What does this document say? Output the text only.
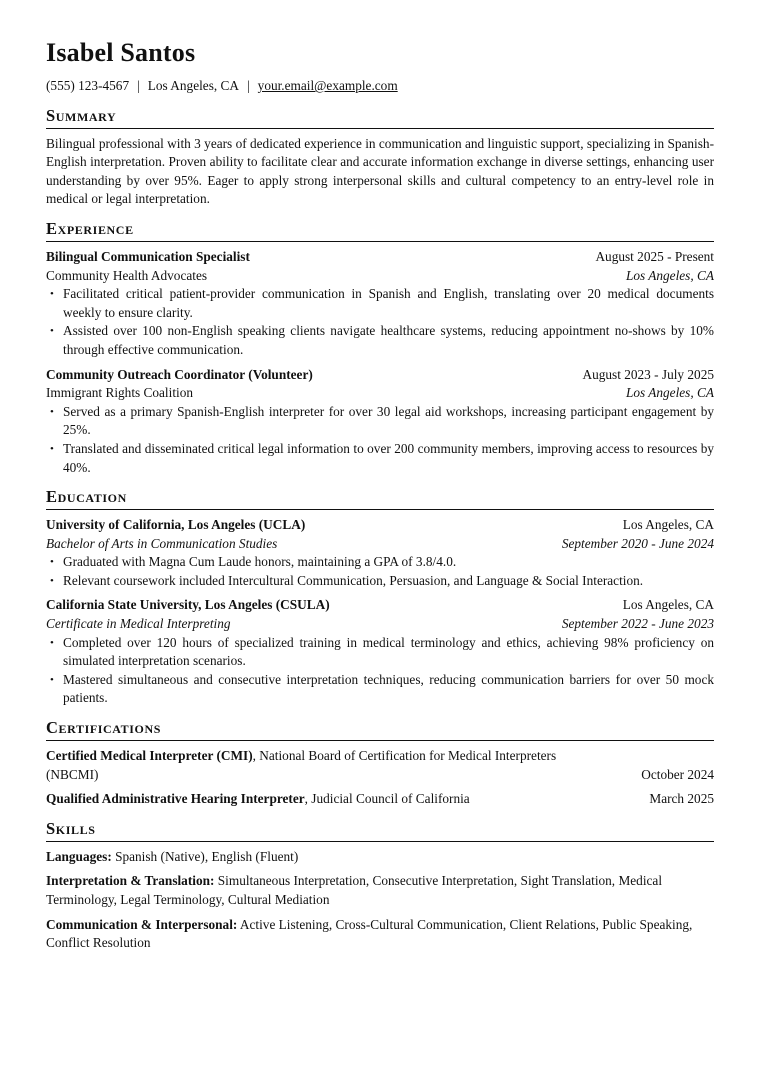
Isabel Santos
(555) 123-4567 | Los Angeles, CA | your.email@example.com
Summary

Bilingual professional with 3 years of dedicated experience in communication and linguistic support, specializing in Spanish-English interpretation. Proven ability to facilitate clear and accurate information exchange in diverse settings, enhancing user understanding by over 95%. Eager to apply strong interpersonal skills and cultural competency to an entry-level role in medical or legal interpretation.

Experience
Bilingual Communication Specialist	August 2025 - Present
Community Health Advocates	Los Angeles, CA
• Facilitated critical patient-provider communication in Spanish and English, translating over 20 medical documents weekly to ensure clarity.
• Assisted over 100 non-English speaking clients navigate healthcare systems, reducing appointment no-shows by 10% through effective communication.
Community Outreach Coordinator (Volunteer)	August 2023 - July 2025
Immigrant Rights Coalition	Los Angeles, CA
• Served as a primary Spanish-English interpreter for over 30 legal aid workshops, increasing participant engagement by 25%.
• Translated and disseminated critical legal information to over 200 community members, improving access to resources by 40%.
Education
University of California, Los Angeles (UCLA)	Los Angeles, CA
Bachelor of Arts in Communication Studies	September 2020 - June 2024
• Graduated with Magna Cum Laude honors, maintaining a GPA of 3.8/4.0.
• Relevant coursework included Intercultural Communication, Persuasion, and Language & Social Interaction.
California State University, Los Angeles (CSULA)	Los Angeles, CA
Certificate in Medical Interpreting	September 2022 - June 2023
• Completed over 120 hours of specialized training in medical terminology and ethics, achieving 98% proficiency on simulated interpretation scenarios.
• Mastered simultaneous and consecutive interpretation techniques, reducing communication barriers for over 50 mock patients.
Certifications
Certified Medical Interpreter (CMI), National Board of Certification for Medical Interpreters
(NBCMI)	October 2024
Qualified Administrative Hearing Interpreter, Judicial Council of California	March 2025
Skills
Languages: Spanish (Native), English (Fluent)
Interpretation & Translation: Simultaneous Interpretation, Consecutive Interpretation, Sight Translation, Medical Terminology, Legal Terminology, Cultural Mediation
Communication & Interpersonal: Active Listening, Cross-Cultural Communication, Client Relations, Public Speaking, Conflict Resolution
